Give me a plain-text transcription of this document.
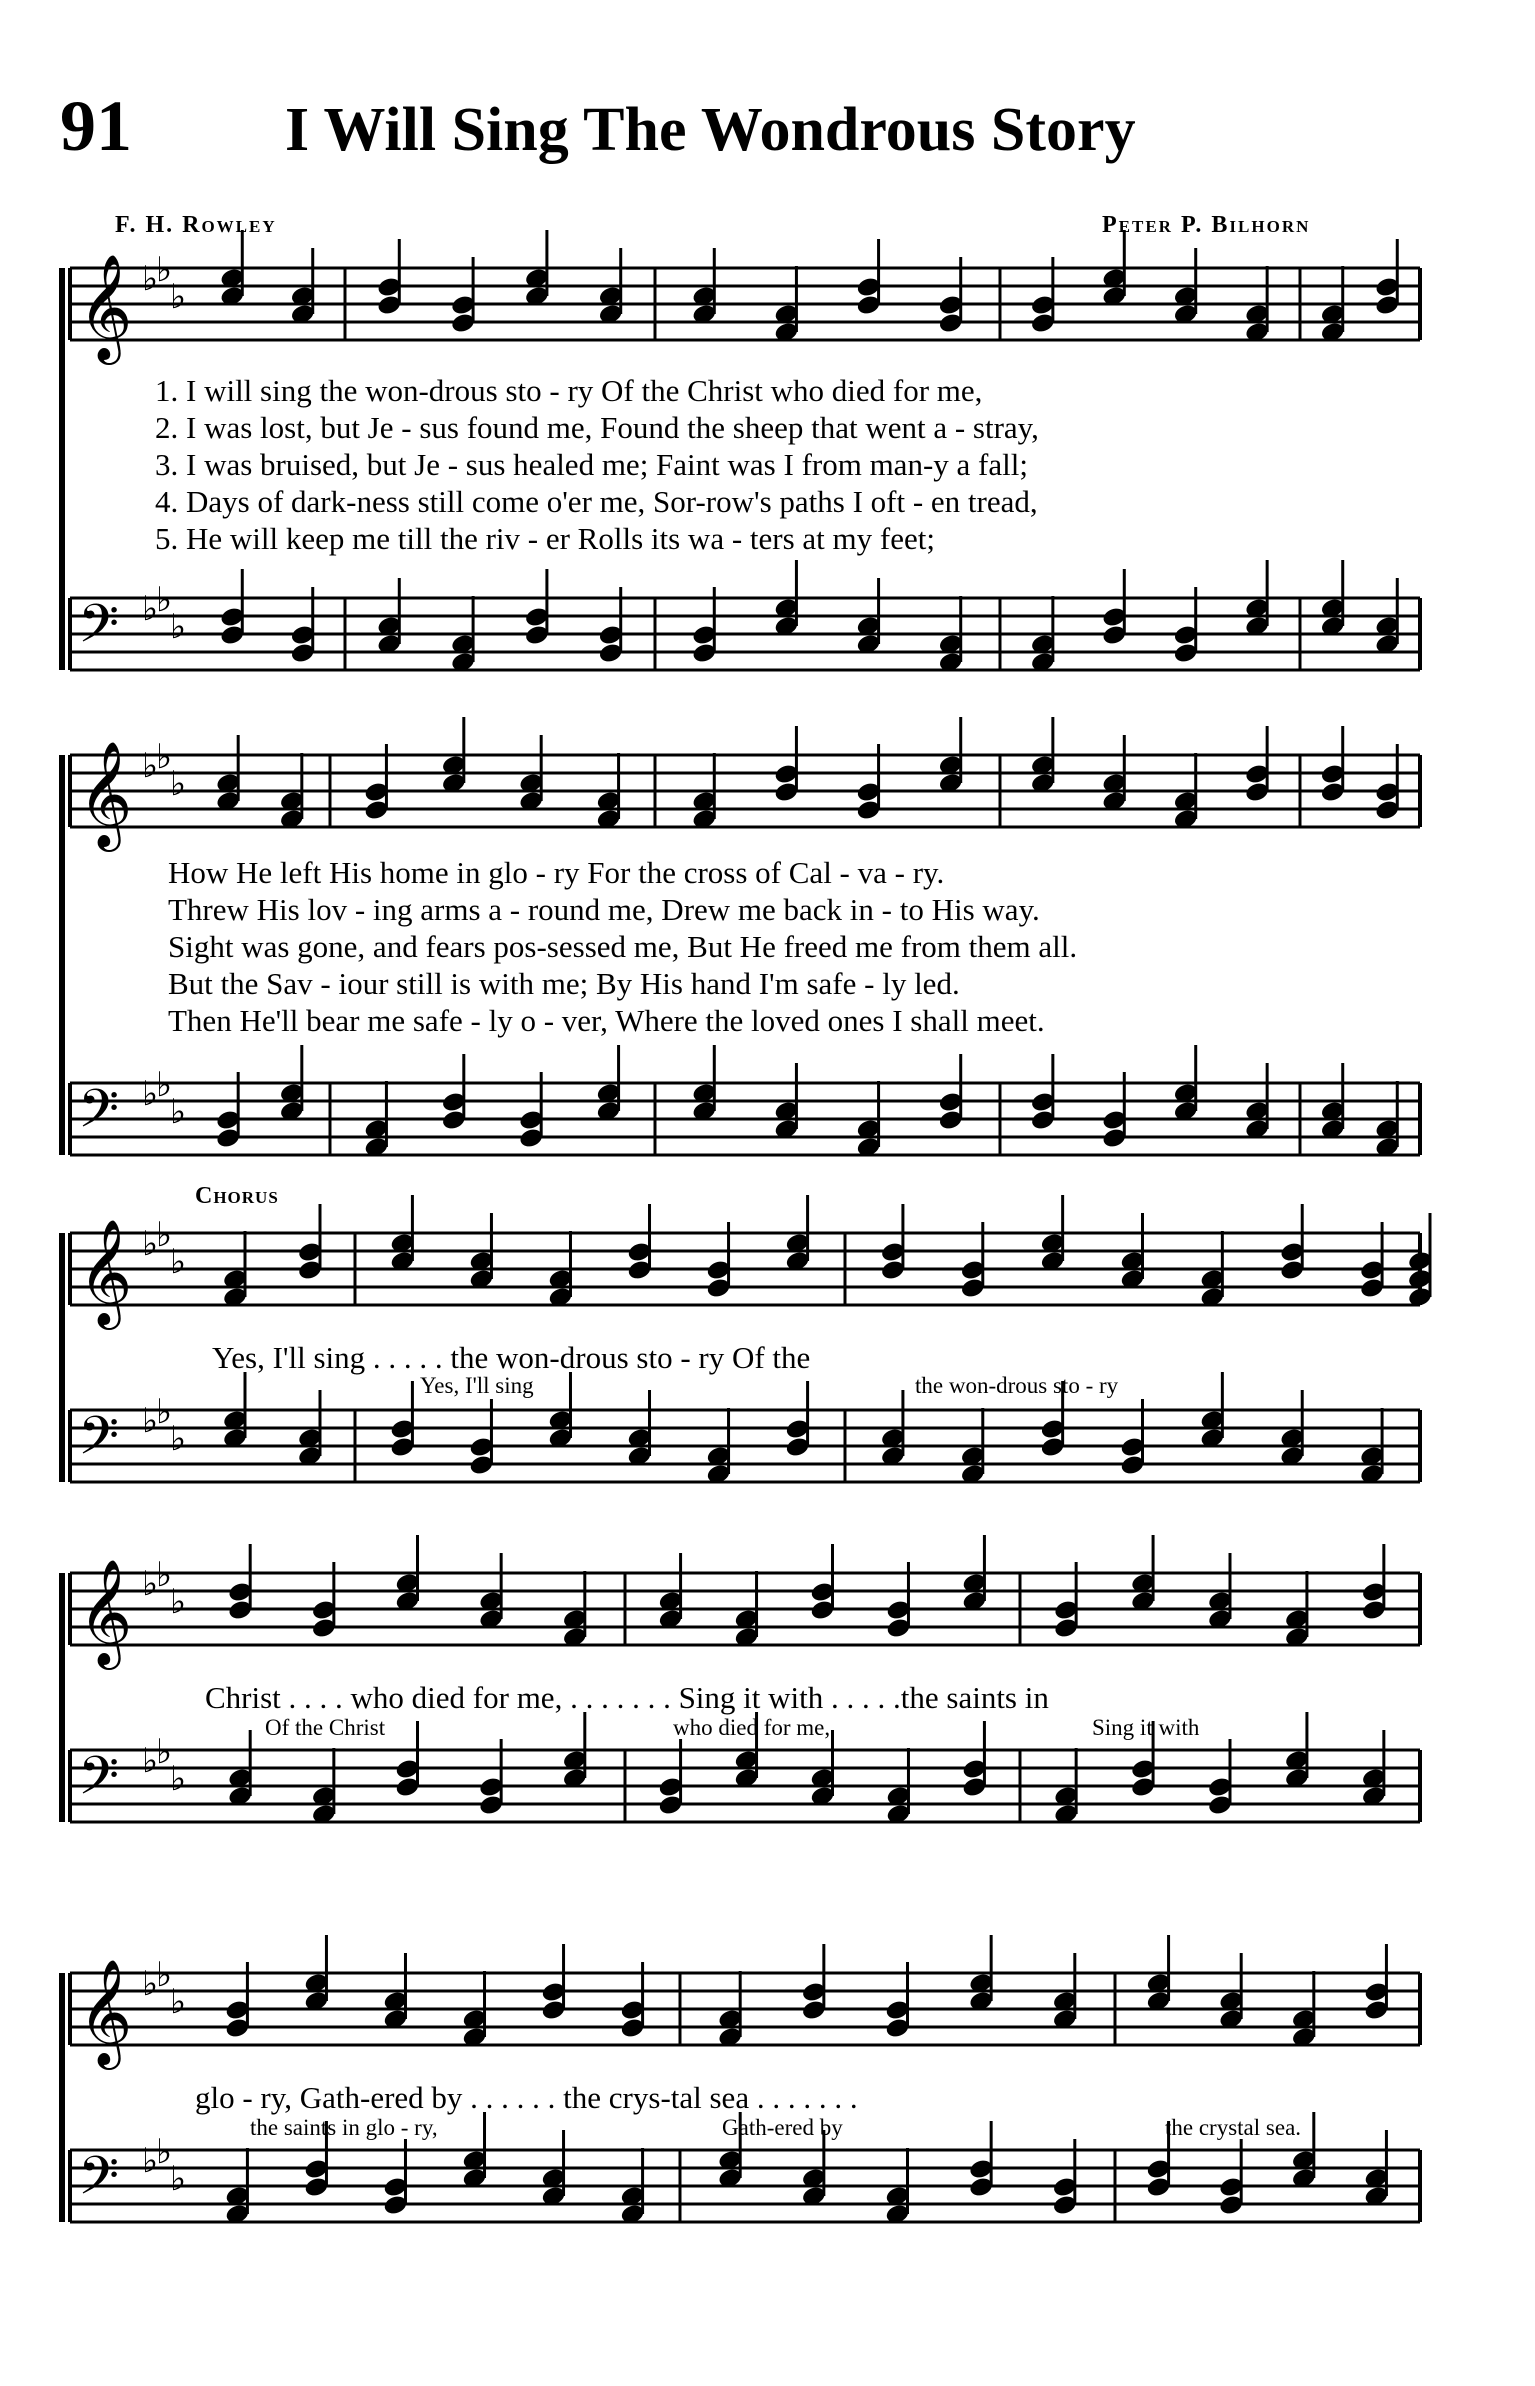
𝄞 ♭
♭
♭
𝄢 ♭
♭
♭
𝄞 ♭
♭
♭
𝄢 ♭
♭
♭
𝄞 ♭
♭
♭
𝄢 ♭
♭
♭
𝄞 ♭
♭
♭
𝄢 ♭
♭
♭
𝄞 ♭
♭
♭
𝄢 ♭
♭
♭
91 I Will Sing The Wondrous Story
F. H. Rowley	Peter P. Bilhorn
1. I will sing the won-drous sto - ry Of the Christ who died for me,
2. I was lost, but Je - sus found me, Found the sheep that went a - stray,
3. I was bruised, but Je - sus healed me; Faint was I from man-y a fall;
4. Days of dark-ness still come o'er me, Sor-row's paths I oft - en tread,
5. He will keep me till the riv - er Rolls its wa - ters at my feet;
How He left His home in glo - ry For the cross of Cal - va - ry.
Threw His lov - ing arms a - round me, Drew me back in - to His way.
Sight was gone, and fears pos-sessed me, But He freed me from them all.
But the Sav - iour still is with me; By His hand I'm safe - ly led.
Then He'll bear me safe - ly o - ver, Where the loved ones I shall meet.
Chorus
Yes, I'll sing . . . . . the won-drous sto - ry Of the
Yes, I'll sing	the won-drous sto - ry
Christ . . . . who died for me, . . . . . . . Sing it with . . . . .the saints in
Of the Christ	who died for me,	Sing it with
glo - ry, Gath-ered by . . . . . . the crys-tal sea . . . . . . .
the saints in glo - ry,	Gath-ered by	the crystal sea.
